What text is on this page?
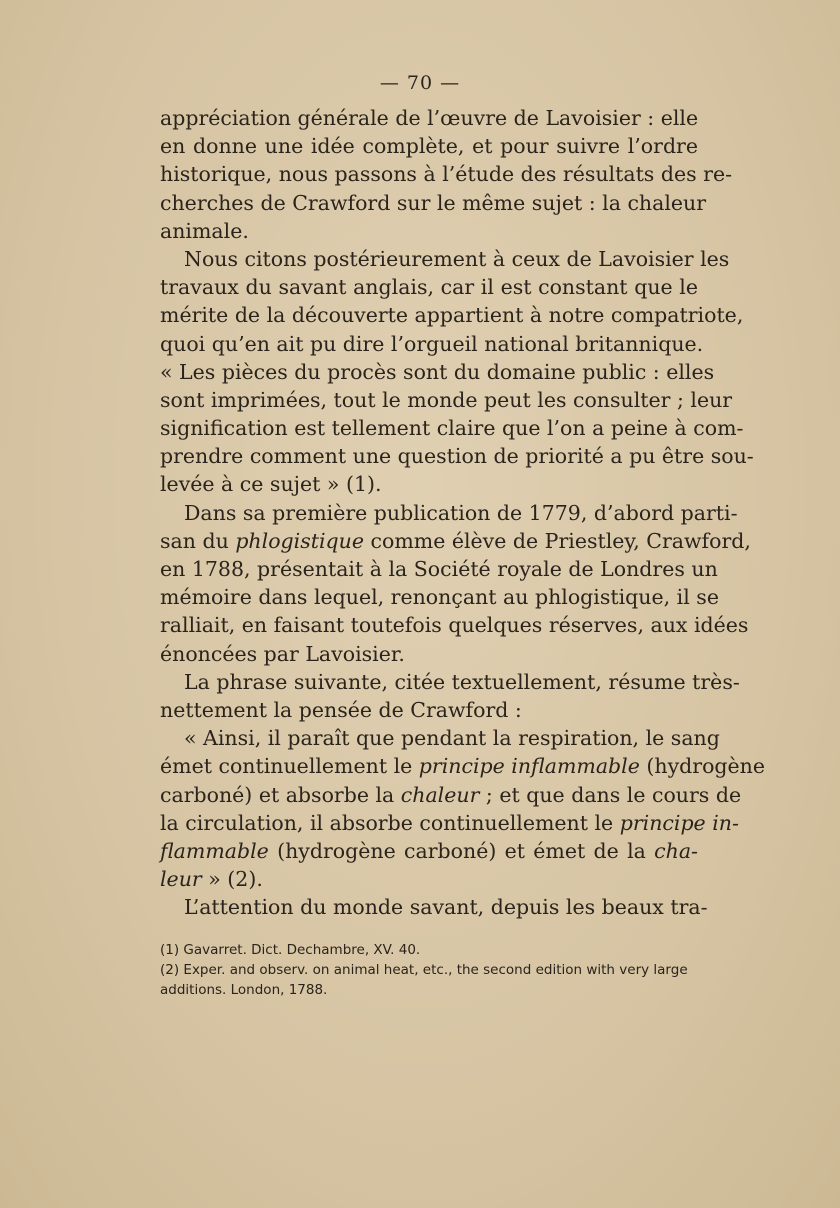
— 70 —
appréciation générale de l’œuvre de Lavoisier : elle
en donne une idée complète, et pour suivre l’ordre
historique, nous passons à l’étude des résultats des re-
cherches de Crawford sur le même sujet : la chaleur
animale.
Nous citons postérieurement à ceux de Lavoisier les
travaux du savant anglais, car il est constant que le
mérite de la découverte appartient à notre compatriote,
quoi qu’en ait pu dire l’orgueil national britannique.
« Les pièces du procès sont du domaine public : elles
sont imprimées, tout le monde peut les consulter ; leur
signification est tellement claire que l’on a peine à com-
prendre comment une question de priorité a pu être sou-
levée à ce sujet » (1).
Dans sa première publication de 1779, d’abord parti-
san du phlogistique comme élève de Priestley, Crawford,
en 1788, présentait à la Société royale de Londres un
mémoire dans lequel, renonçant au phlogistique, il se
ralliait, en faisant toutefois quelques réserves, aux idées
énoncées par Lavoisier.
La phrase suivante, citée textuellement, résume très-
nettement la pensée de Crawford :
« Ainsi, il paraît que pendant la respiration, le sang
émet continuellement le principe inflammable (hydrogène
carboné) et absorbe la chaleur ; et que dans le cours de
la circulation, il absorbe continuellement le principe in-
flammable (hydrogène carboné) et émet de la cha-
leur » (2).
L’attention du monde savant, depuis les beaux tra-
(1) Gavarret. Dict. Dechambre, XV. 40.
(2) Exper. and observ. on animal heat, etc., the second edition with very large
additions. London, 1788.
